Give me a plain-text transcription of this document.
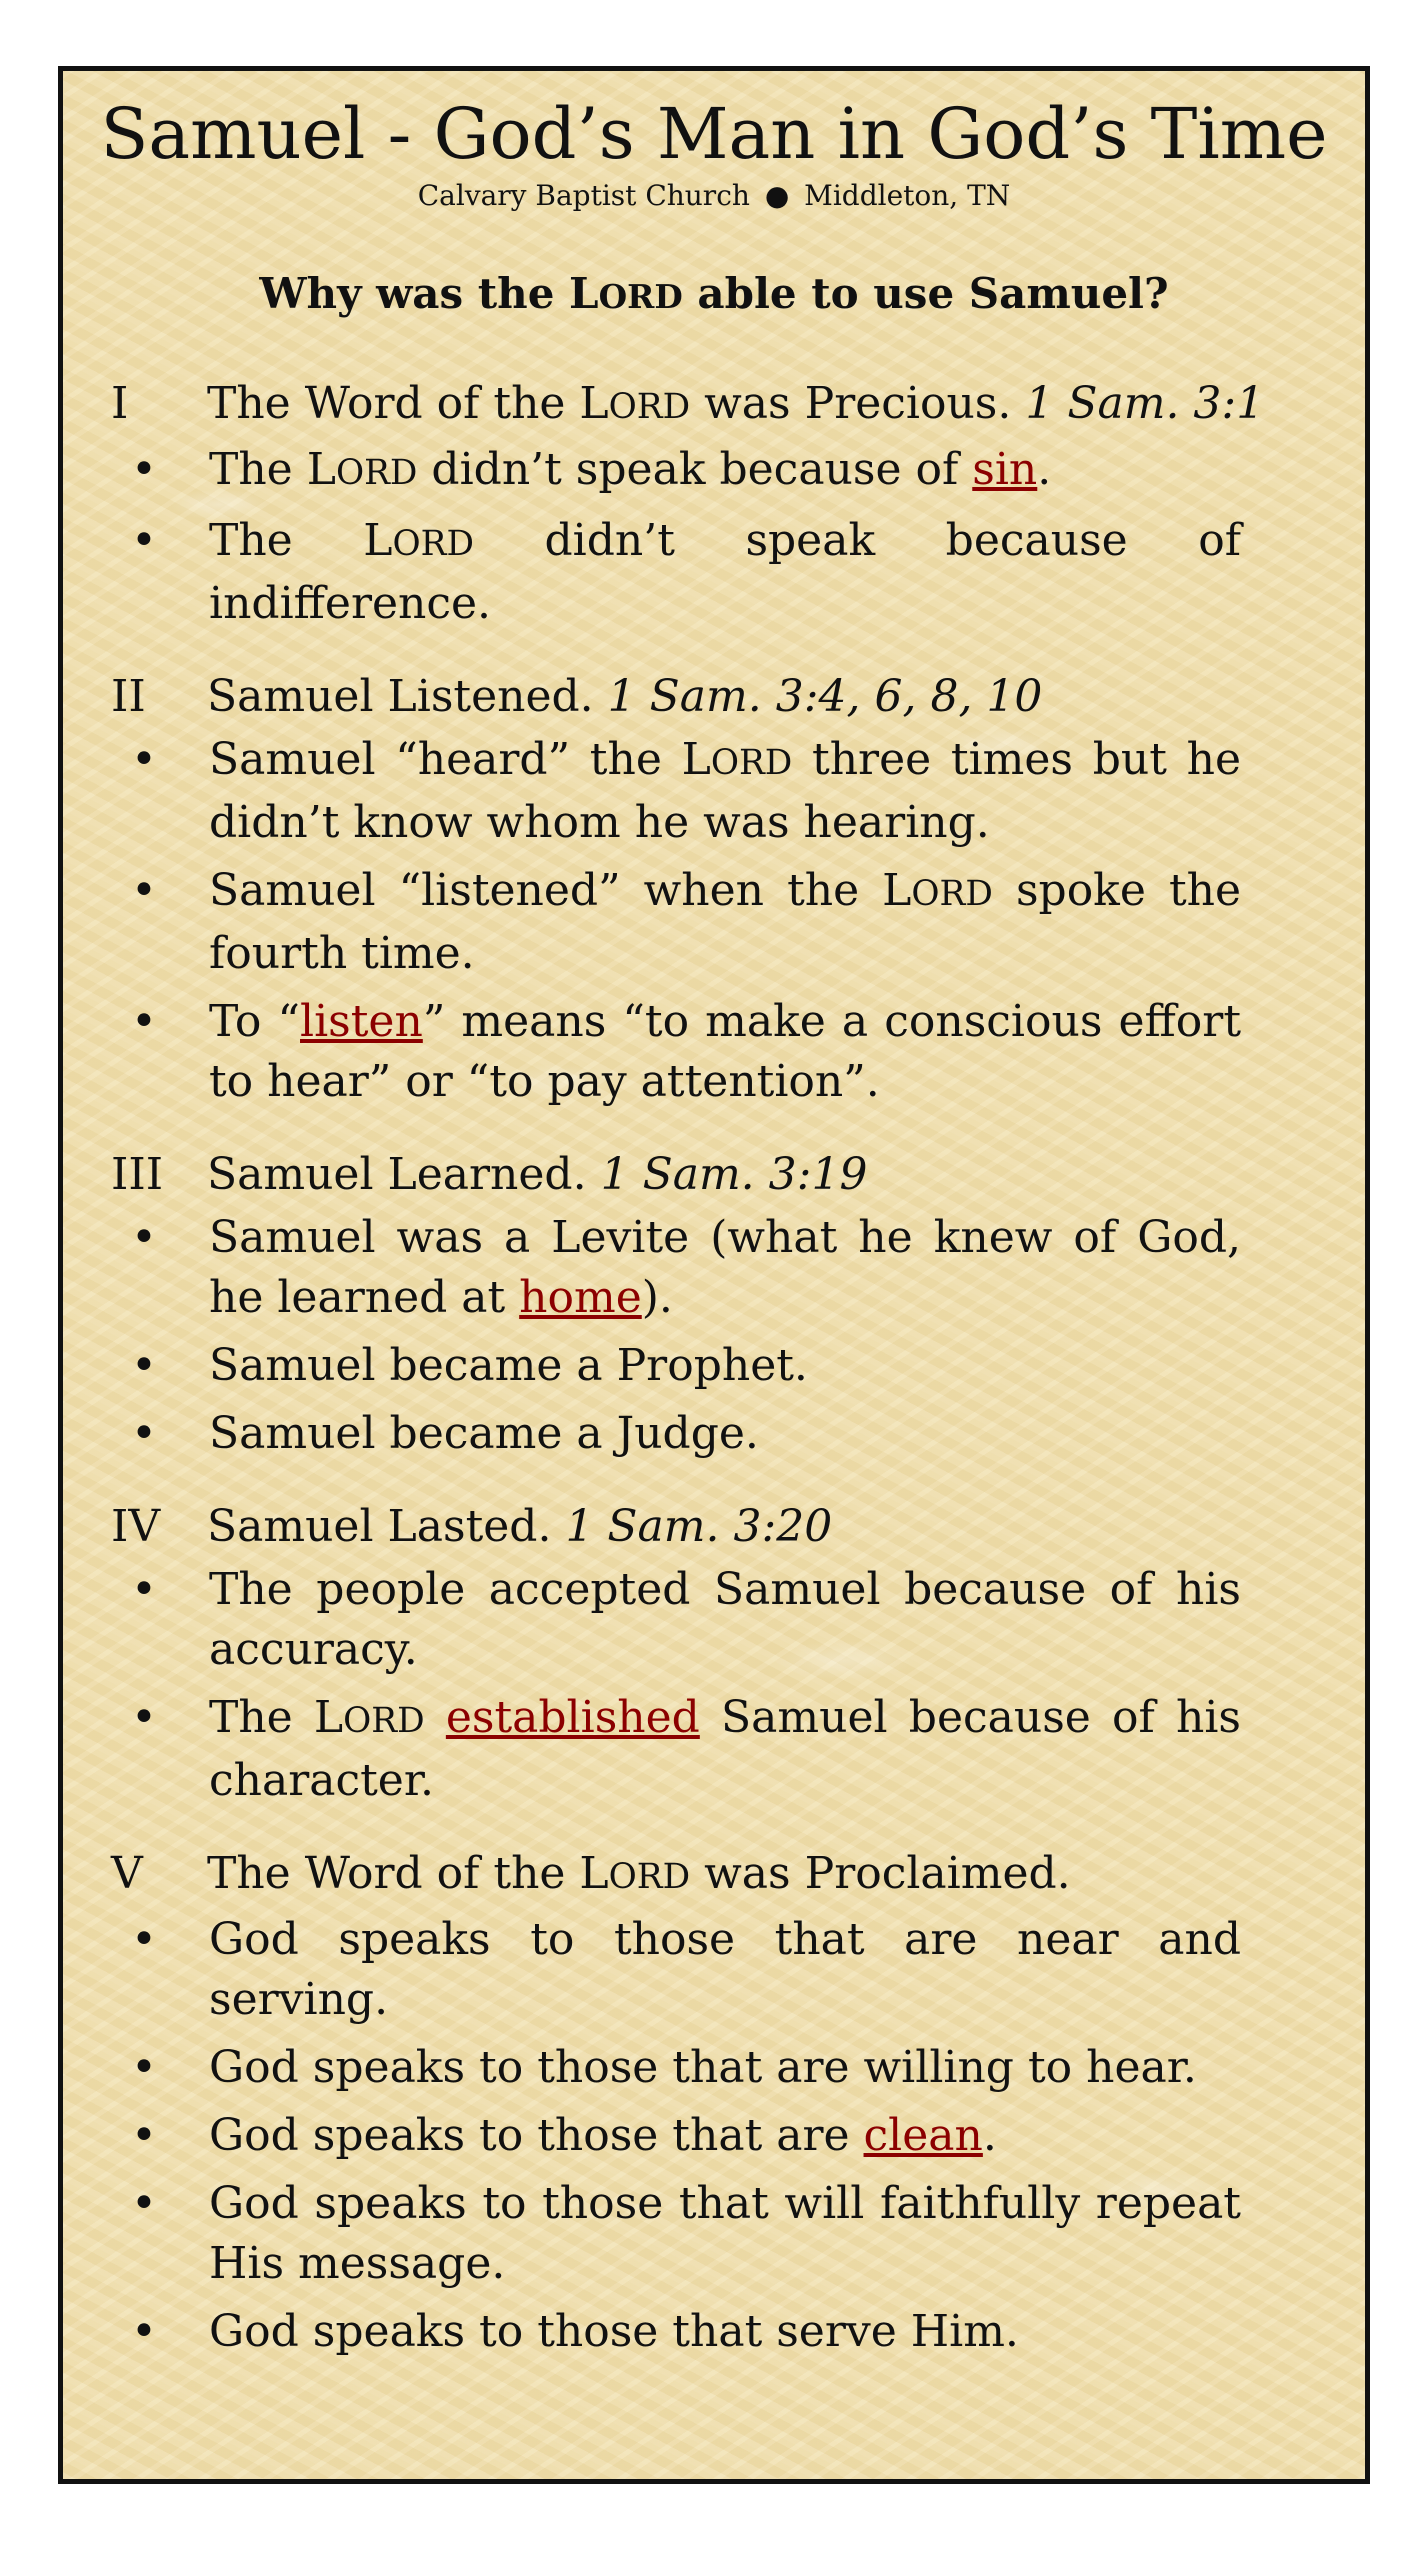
Samuel - God’s Man in God’s Time
Calvary Baptist Church ● Middleton, TN
Why was the LORD able to use Samuel?
I	The Word of the LORD was Precious. 1 Sam. 3:1
•	The LORD didn’t speak because of sin.
•	The LORD didn’t speak because of indifference.
II	Samuel Listened. 1 Sam. 3:4, 6, 8, 10
•	Samuel “heard” the LORD three times but he didn’t know whom he was hearing.
•	Samuel “listened” when the LORD spoke the fourth time.
•	To “listen” means “to make a conscious effort to hear” or “to pay attention”.
III Samuel Learned. 1 Sam. 3:19
•	Samuel was a Levite (what he knew of God, he learned at home).
•	Samuel became a Prophet.
•	Samuel became a Judge.
IV	Samuel Lasted. 1 Sam. 3:20
•	The people accepted Samuel because of his accuracy.
•	The LORD established Samuel because of his character.
V	The Word of the LORD was Proclaimed.
•	God speaks to those that are near and serving.
•	God speaks to those that are willing to hear.
•	God speaks to those that are clean.
•	God speaks to those that will faithfully repeat His message.
•	God speaks to those that serve Him.
